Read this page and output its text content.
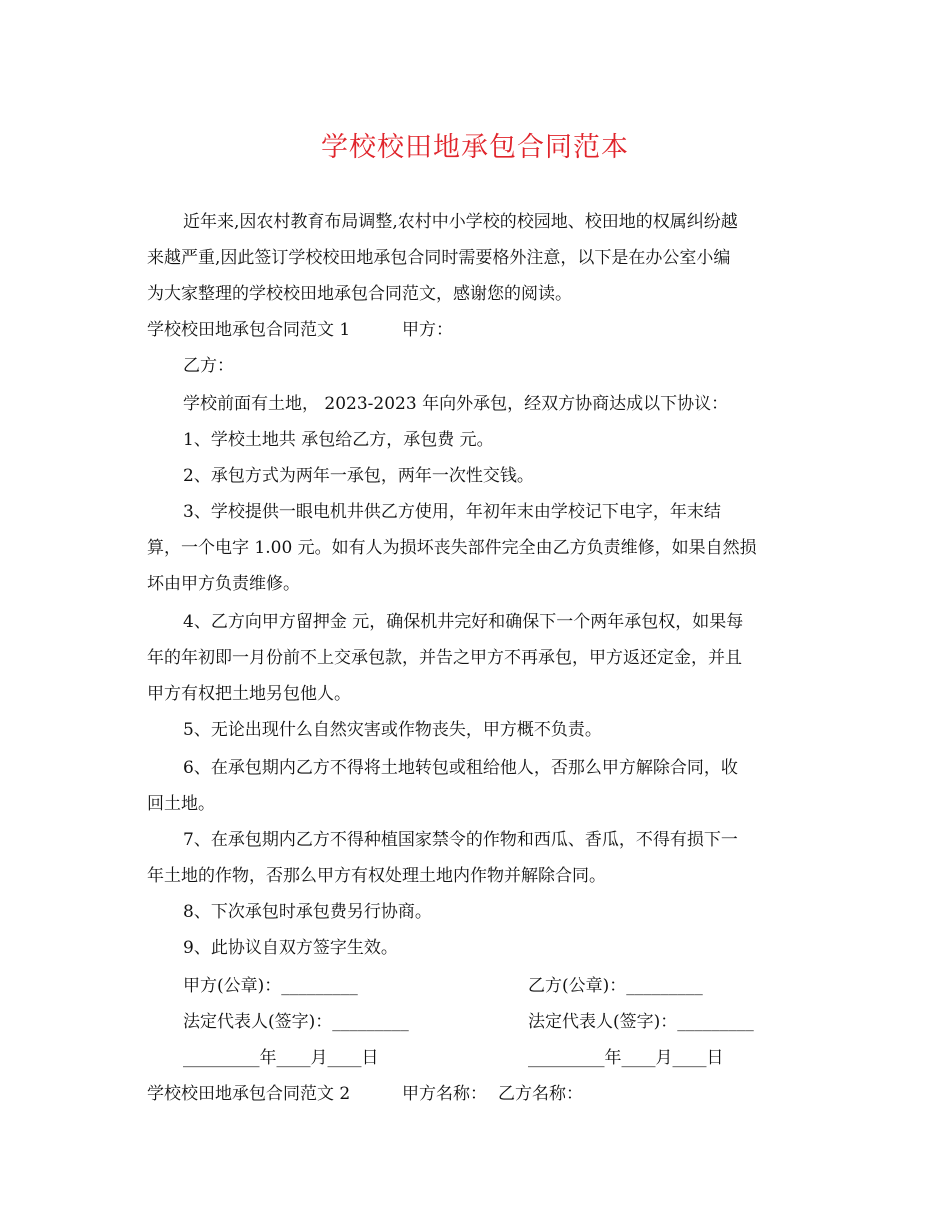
学校校田地承包合同范本
近年来,因农村教育布局调整,农村中小学校的校园地、校田地的权属纠纷越
来越严重,因此签订学校校田地承包合同时需要格外注意，以下是在办公室小编
为大家整理的学校校田地承包合同范文，感谢您的阅读。
学校校田地承包合同范文 1	甲方：
乙方：
学校前面有土地， 2023-2023 年向外承包，经双方协商达成以下协议：
1、学校土地共 承包给乙方，承包费 元。
2、承包方式为两年一承包，两年一次性交钱。
3、学校提供一眼电机井供乙方使用，年初年末由学校记下电字，年末结
算，一个电字 1.00 元。如有人为损坏丧失部件完全由乙方负责维修，如果自然损
坏由甲方负责维修。
4、乙方向甲方留押金 元，确保机井完好和确保下一个两年承包权，如果每
年的年初即一月份前不上交承包款，并告之甲方不再承包，甲方返还定金，并且
甲方有权把土地另包他人。
5、无论出现什么自然灾害或作物丧失，甲方概不负责。
6、在承包期内乙方不得将土地转包或租给他人，否那么甲方解除合同，收
回土地。
7、在承包期内乙方不得种植国家禁令的作物和西瓜、香瓜，不得有损下一
年土地的作物，否那么甲方有权处理土地内作物并解除合同。
8、下次承包时承包费另行协商。
9、此协议自双方签字生效。
甲方(公章)：_________	乙方(公章)：_________
法定代表人(签字)：_________	法定代表人(签字)：_________
_________年____月____日	_________年____月____日
学校校田地承包合同范文 2	甲方名称： 乙方名称：
